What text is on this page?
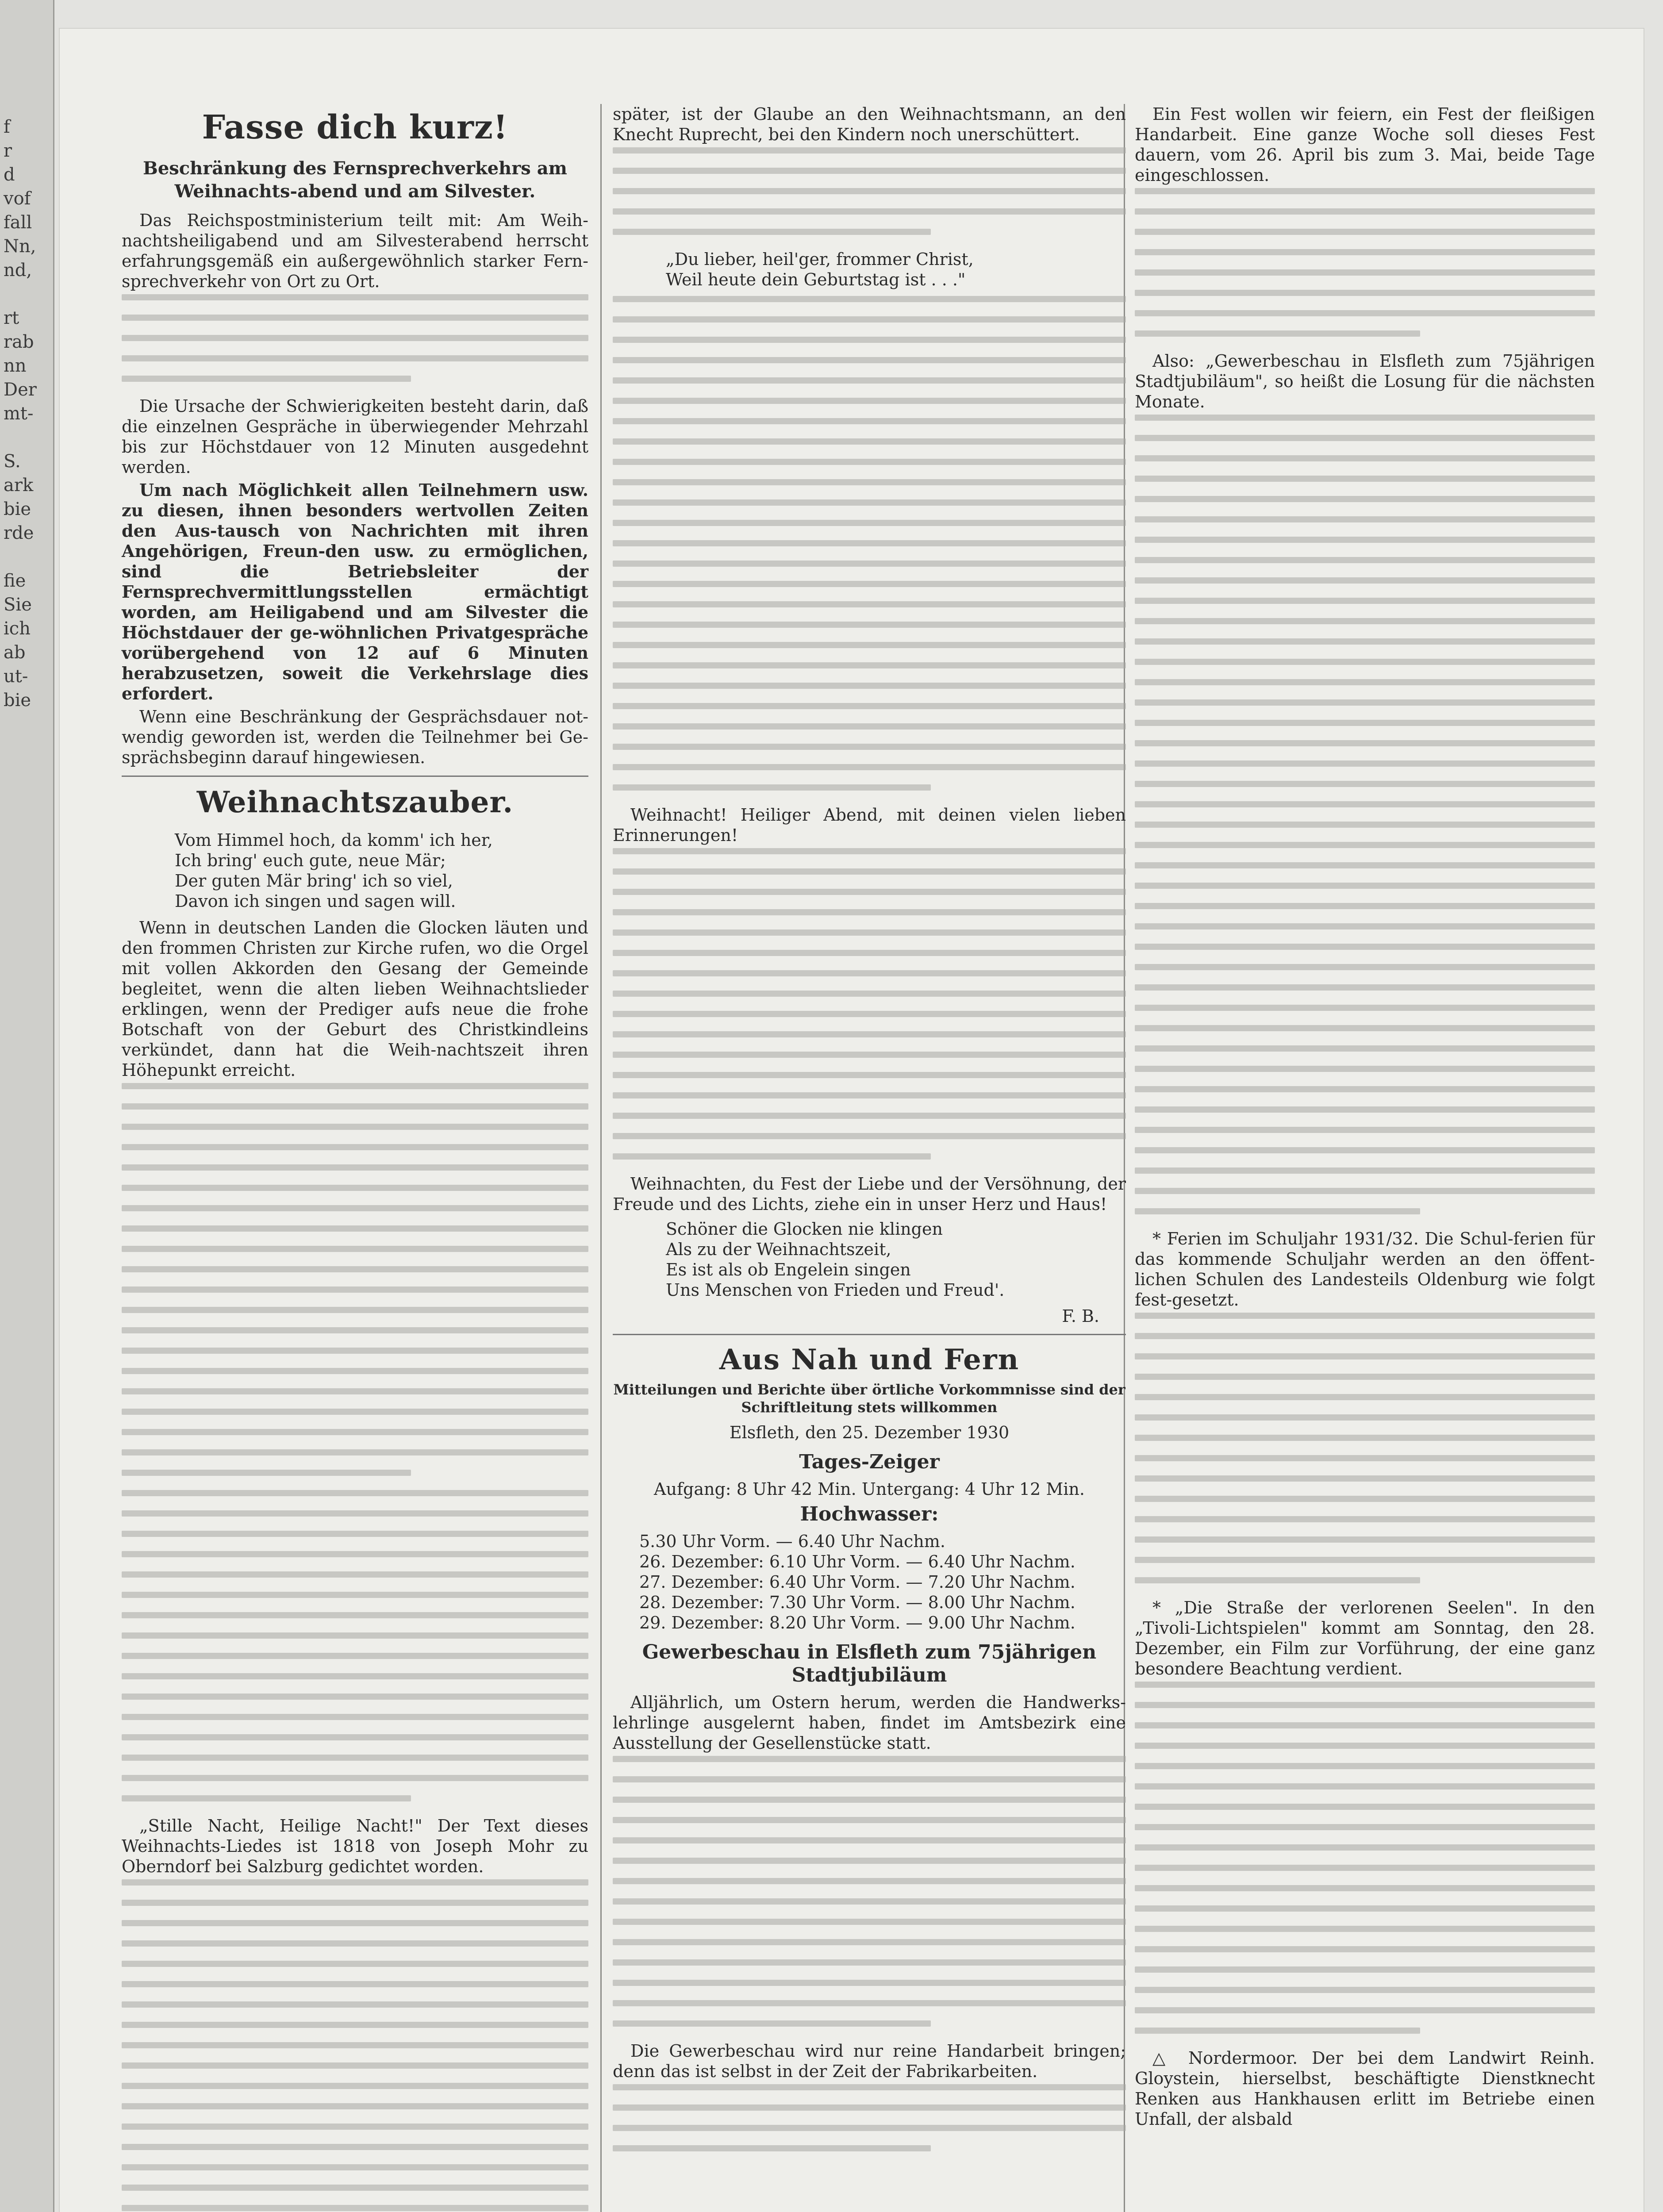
f
r
d
vof
fall
Nn,
nd,

rt
rab
nn
Der
mt-

S.
ark
bie
rde

fie
Sie
ich
ab
ut-
bie
Fasse dich kurz!
Beschränkung des Fernsprechverkehrs am Weihnachts-abend und am Silvester.

Das Reichspostministerium teilt mit: Am Weih-nachtsheiligabend und am Silvesterabend herrscht erfahrungsgemäß ein außergewöhnlich starker Fern-sprechverkehr von Ort zu Ort.

Die Ursache der Schwierigkeiten besteht darin, daß die einzelnen Gespräche in überwiegender Mehrzahl bis zur Höchstdauer von 12 Minuten ausgedehnt werden.

Um nach Möglichkeit allen Teilnehmern usw. zu diesen, ihnen besonders wertvollen Zeiten den Aus-tausch von Nachrichten mit ihren Angehörigen, Freun-den usw. zu ermöglichen, sind die Betriebsleiter der Fernsprechvermittlungsstellen ermächtigt worden, am Heiligabend und am Silvester die Höchstdauer der ge-wöhnlichen Privatgespräche vorübergehend von 12 auf 6 Minuten herabzusetzen, soweit die Verkehrslage dies erfordert.

Wenn eine Beschränkung der Gesprächsdauer not-wendig geworden ist, werden die Teilnehmer bei Ge-sprächsbeginn darauf hingewiesen.

Weihnachtszauber.
Vom Himmel hoch, da komm' ich her,
Ich bring' euch gute, neue Mär;
Der guten Mär bring' ich so viel,
Davon ich singen und sagen will.

Wenn in deutschen Landen die Glocken läuten und den frommen Christen zur Kirche rufen, wo die Orgel mit vollen Akkorden den Gesang der Gemeinde begleitet, wenn die alten lieben Weihnachtslieder erklingen, wenn der Prediger aufs neue die frohe Botschaft von der Geburt des Christkindleins verkündet, dann hat die Weih-nachtszeit ihren Höhepunkt erreicht.

„Stille Nacht, Heilige Nacht!" Der Text dieses Weihnachts-Liedes ist 1818 von Joseph Mohr zu Oberndorf bei Salzburg gedichtet worden.

später, ist der Glaube an den Weihnachtsmann, an den Knecht Ruprecht, bei den Kindern noch unerschüttert.

„Du lieber, heil'ger, frommer Christ,
Weil heute dein Geburtstag ist . . ."

Weihnacht! Heiliger Abend, mit deinen vielen lieben Erinnerungen!

Weihnachten, du Fest der Liebe und der Versöhnung, der Freude und des Lichts, ziehe ein in unser Herz und Haus!

Schöner die Glocken nie klingen
Als zu der Weihnachtszeit,
Es ist als ob Engelein singen
Uns Menschen von Frieden und Freud'.
F. B.
Aus Nah und Fern
Mitteilungen und Berichte über örtliche Vorkommnisse sind der Schriftleitung stets willkommen
Elsfleth, den 25. Dezember 1930
Tages-Zeiger
Aufgang: 8 Uhr 42 Min. Untergang: 4 Uhr 12 Min.
Hochwasser:
5.30 Uhr Vorm. — 6.40 Uhr Nachm.
26. Dezember: 6.10 Uhr Vorm. — 6.40 Uhr Nachm.
27. Dezember: 6.40 Uhr Vorm. — 7.20 Uhr Nachm.
28. Dezember: 7.30 Uhr Vorm. — 8.00 Uhr Nachm.
29. Dezember: 8.20 Uhr Vorm. — 9.00 Uhr Nachm.
Gewerbeschau in Elsfleth zum 75jährigen Stadtjubiläum

Alljährlich, um Ostern herum, werden die Handwerks-lehrlinge ausgelernt haben, findet im Amtsbezirk eine Ausstellung der Gesellenstücke statt.

Die Gewerbeschau wird nur reine Handarbeit bringen; denn das ist selbst in der Zeit der Fabrikarbeiten.

Ein Fest wollen wir feiern, ein Fest der fleißigen Handarbeit. Eine ganze Woche soll dieses Fest dauern, vom 26. April bis zum 3. Mai, beide Tage eingeschlossen.

Also: „Gewerbeschau in Elsfleth zum 75jährigen Stadtjubiläum", so heißt die Losung für die nächsten Monate.

* Ferien im Schuljahr 1931/32. Die Schul-ferien für das kommende Schuljahr werden an den öffent-lichen Schulen des Landesteils Oldenburg wie folgt fest-gesetzt.

* „Die Straße der verlorenen Seelen". In den „Tivoli-Lichtspielen" kommt am Sonntag, den 28. Dezember, ein Film zur Vorführung, der eine ganz besondere Beachtung verdient.

△ Nordermoor. Der bei dem Landwirt Reinh. Gloystein, hierselbst, beschäftigte Dienstknecht Renken aus Hankhausen erlitt im Betriebe einen Unfall, der alsbald
